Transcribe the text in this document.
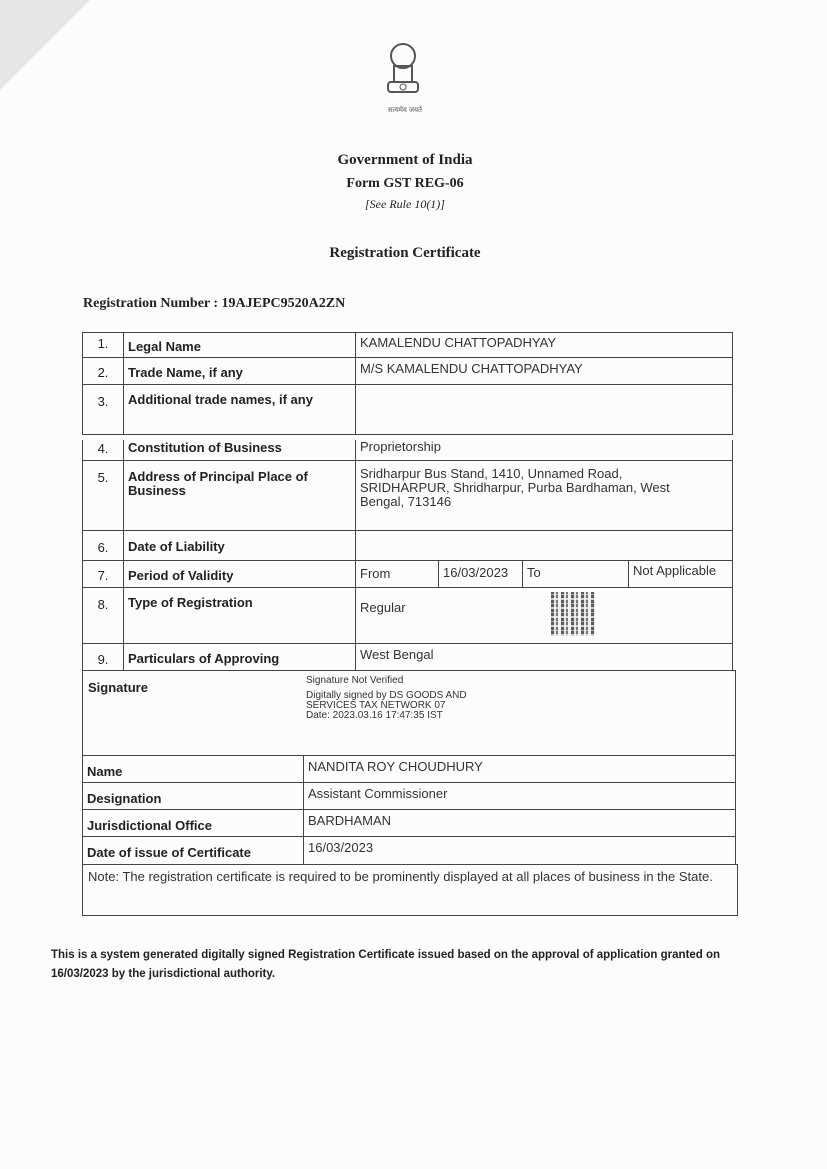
सत्यमेव जयते
Government of India
Form GST REG-06
[See Rule 10(1)]
Registration Certificate
Registration Number : 19AJEPC9520A2ZN
1.	Legal Name	KAMALENDU CHATTOPADHYAY
2.	Trade Name, if any	M/S KAMALENDU CHATTOPADHYAY
3.	Additional trade names, if any
4.	Constitution of Business	Proprietorship
5.	Address of Principal Place of Business
Sridharpur Bus Stand, 1410, Unnamed Road, SRIDHARPUR, Shridharpur, Purba Bardhaman, West Bengal, 713146
6.	Date of Liability
7.	Period of Validity	From	16/03/2023	To	Not Applicable
8.	Type of Registration	Regular
9.	Particulars of Approving	West Bengal
Signature	Signature Not Verified
Digitally signed by DS GOODS AND
SERVICES TAX NETWORK 07
Date: 2023.03.16 17:47:35 IST
Name	NANDITA ROY CHOUDHURY
Designation	Assistant Commissioner
Jurisdictional Office	BARDHAMAN
Date of issue of Certificate	16/03/2023
Note: The registration certificate is required to be prominently displayed at all places of business in the State.
This is a system generated digitally signed Registration Certificate issued based on the approval of application granted on 16/03/2023 by the jurisdictional authority.
